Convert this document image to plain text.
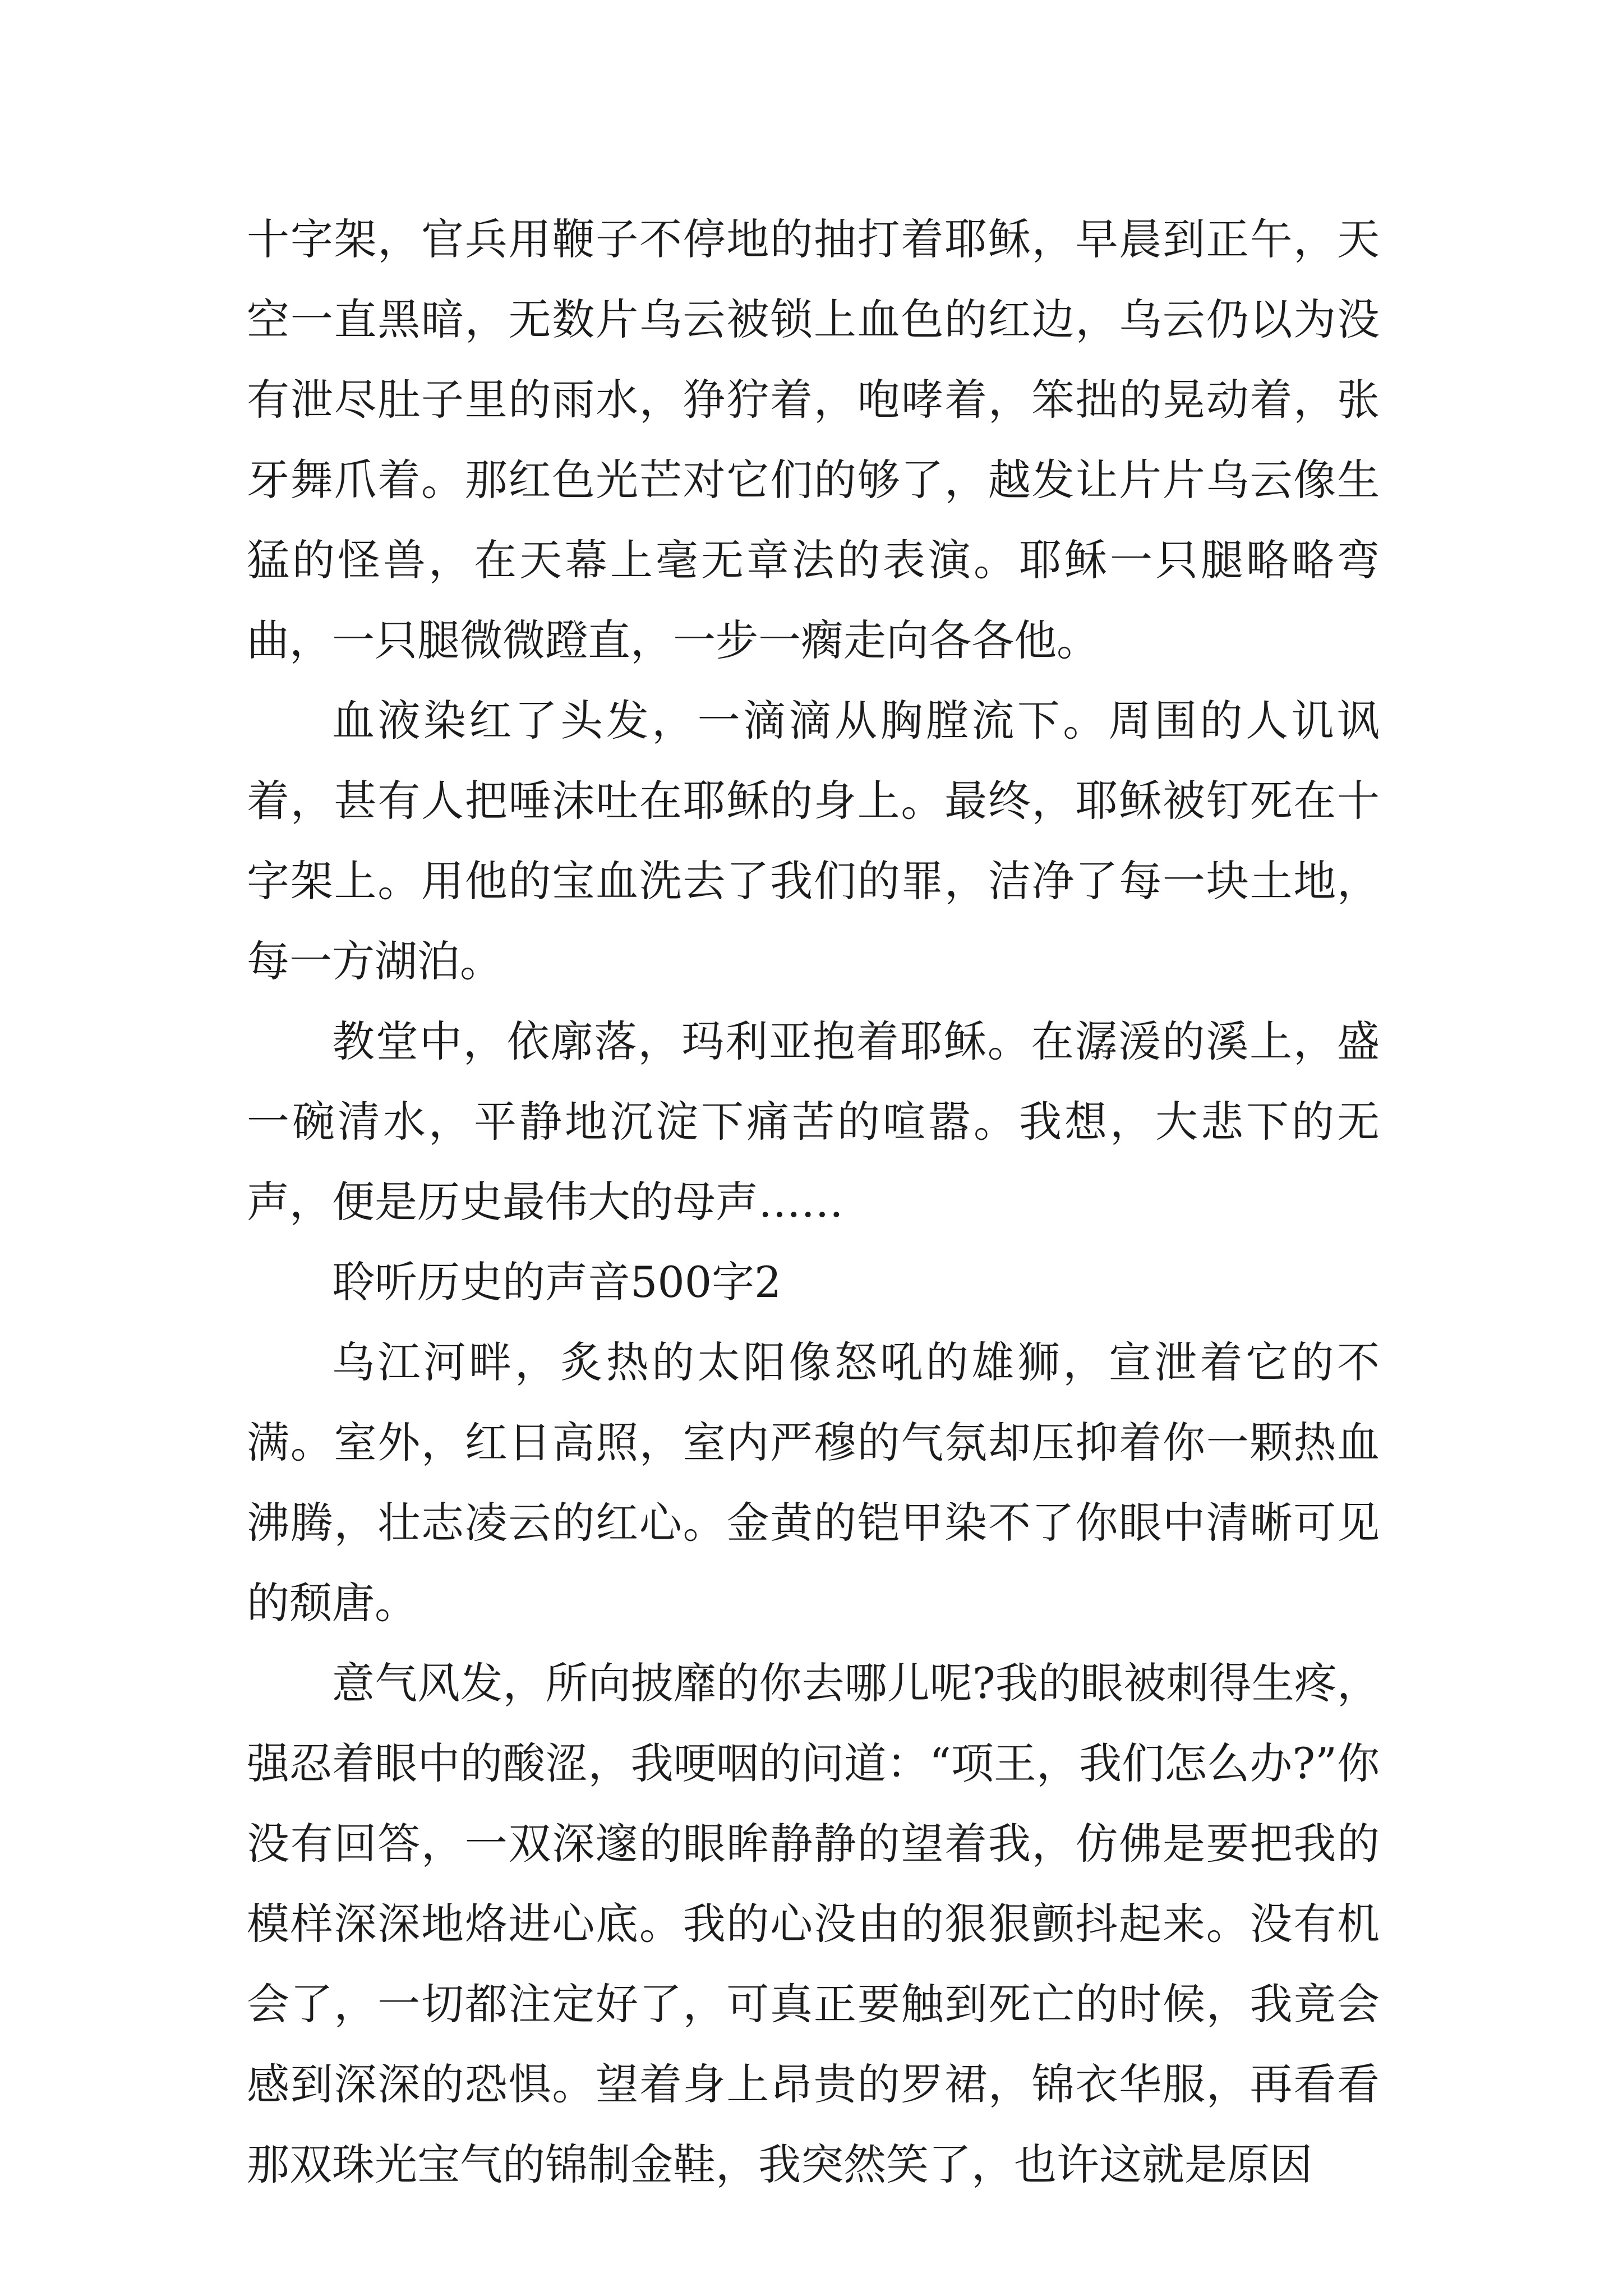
十字架，官兵用鞭子不停地的抽打着耶稣，早晨到正午，天空一直黑暗，无数片乌云被锁上血色的红边，乌云仍以为没有泄尽肚子里的雨水，狰狞着，咆哮着，笨拙的晃动着，张牙舞爪着。那红色光芒对它们的够了，越发让片片乌云像生猛的怪兽，在天幕上毫无章法的表演。耶稣一只腿略略弯曲，一只腿微微蹬直，一步一瘸走向各各他。

血液染红了头发，一滴滴从胸膛流下。周围的人讥讽着，甚有人把唾沫吐在耶稣的身上。最终，耶稣被钉死在十字架上。用他的宝血洗去了我们的罪，洁净了每一块土地，每一方湖泊。

教堂中，依廓落，玛利亚抱着耶稣。在潺湲的溪上，盛一碗清水，平静地沉淀下痛苦的喧嚣。我想，大悲下的无声，便是历史最伟大的母声……

聆听历史的声音500字2

乌江河畔，炙热的太阳像怒吼的雄狮，宣泄着它的不满。室外，红日高照，室内严穆的气氛却压抑着你一颗热血沸腾，壮志凌云的红心。金黄的铠甲染不了你眼中清晰可见的颓唐。

意气风发，所向披靡的你去哪儿呢?我的眼被刺得生疼，强忍着眼中的酸涩，我哽咽的问道：“项王，我们怎么办?”你没有回答，一双深邃的眼眸静静的望着我，仿佛是要把我的模样深深地烙进心底。我的心没由的狠狠颤抖起来。没有机会了，一切都注定好了，可真正要触到死亡的时候，我竟会感到深深的恐惧。望着身上昂贵的罗裙，锦衣华服，再看看那双珠光宝气的锦制金鞋，我突然笑了，也许这就是原因
